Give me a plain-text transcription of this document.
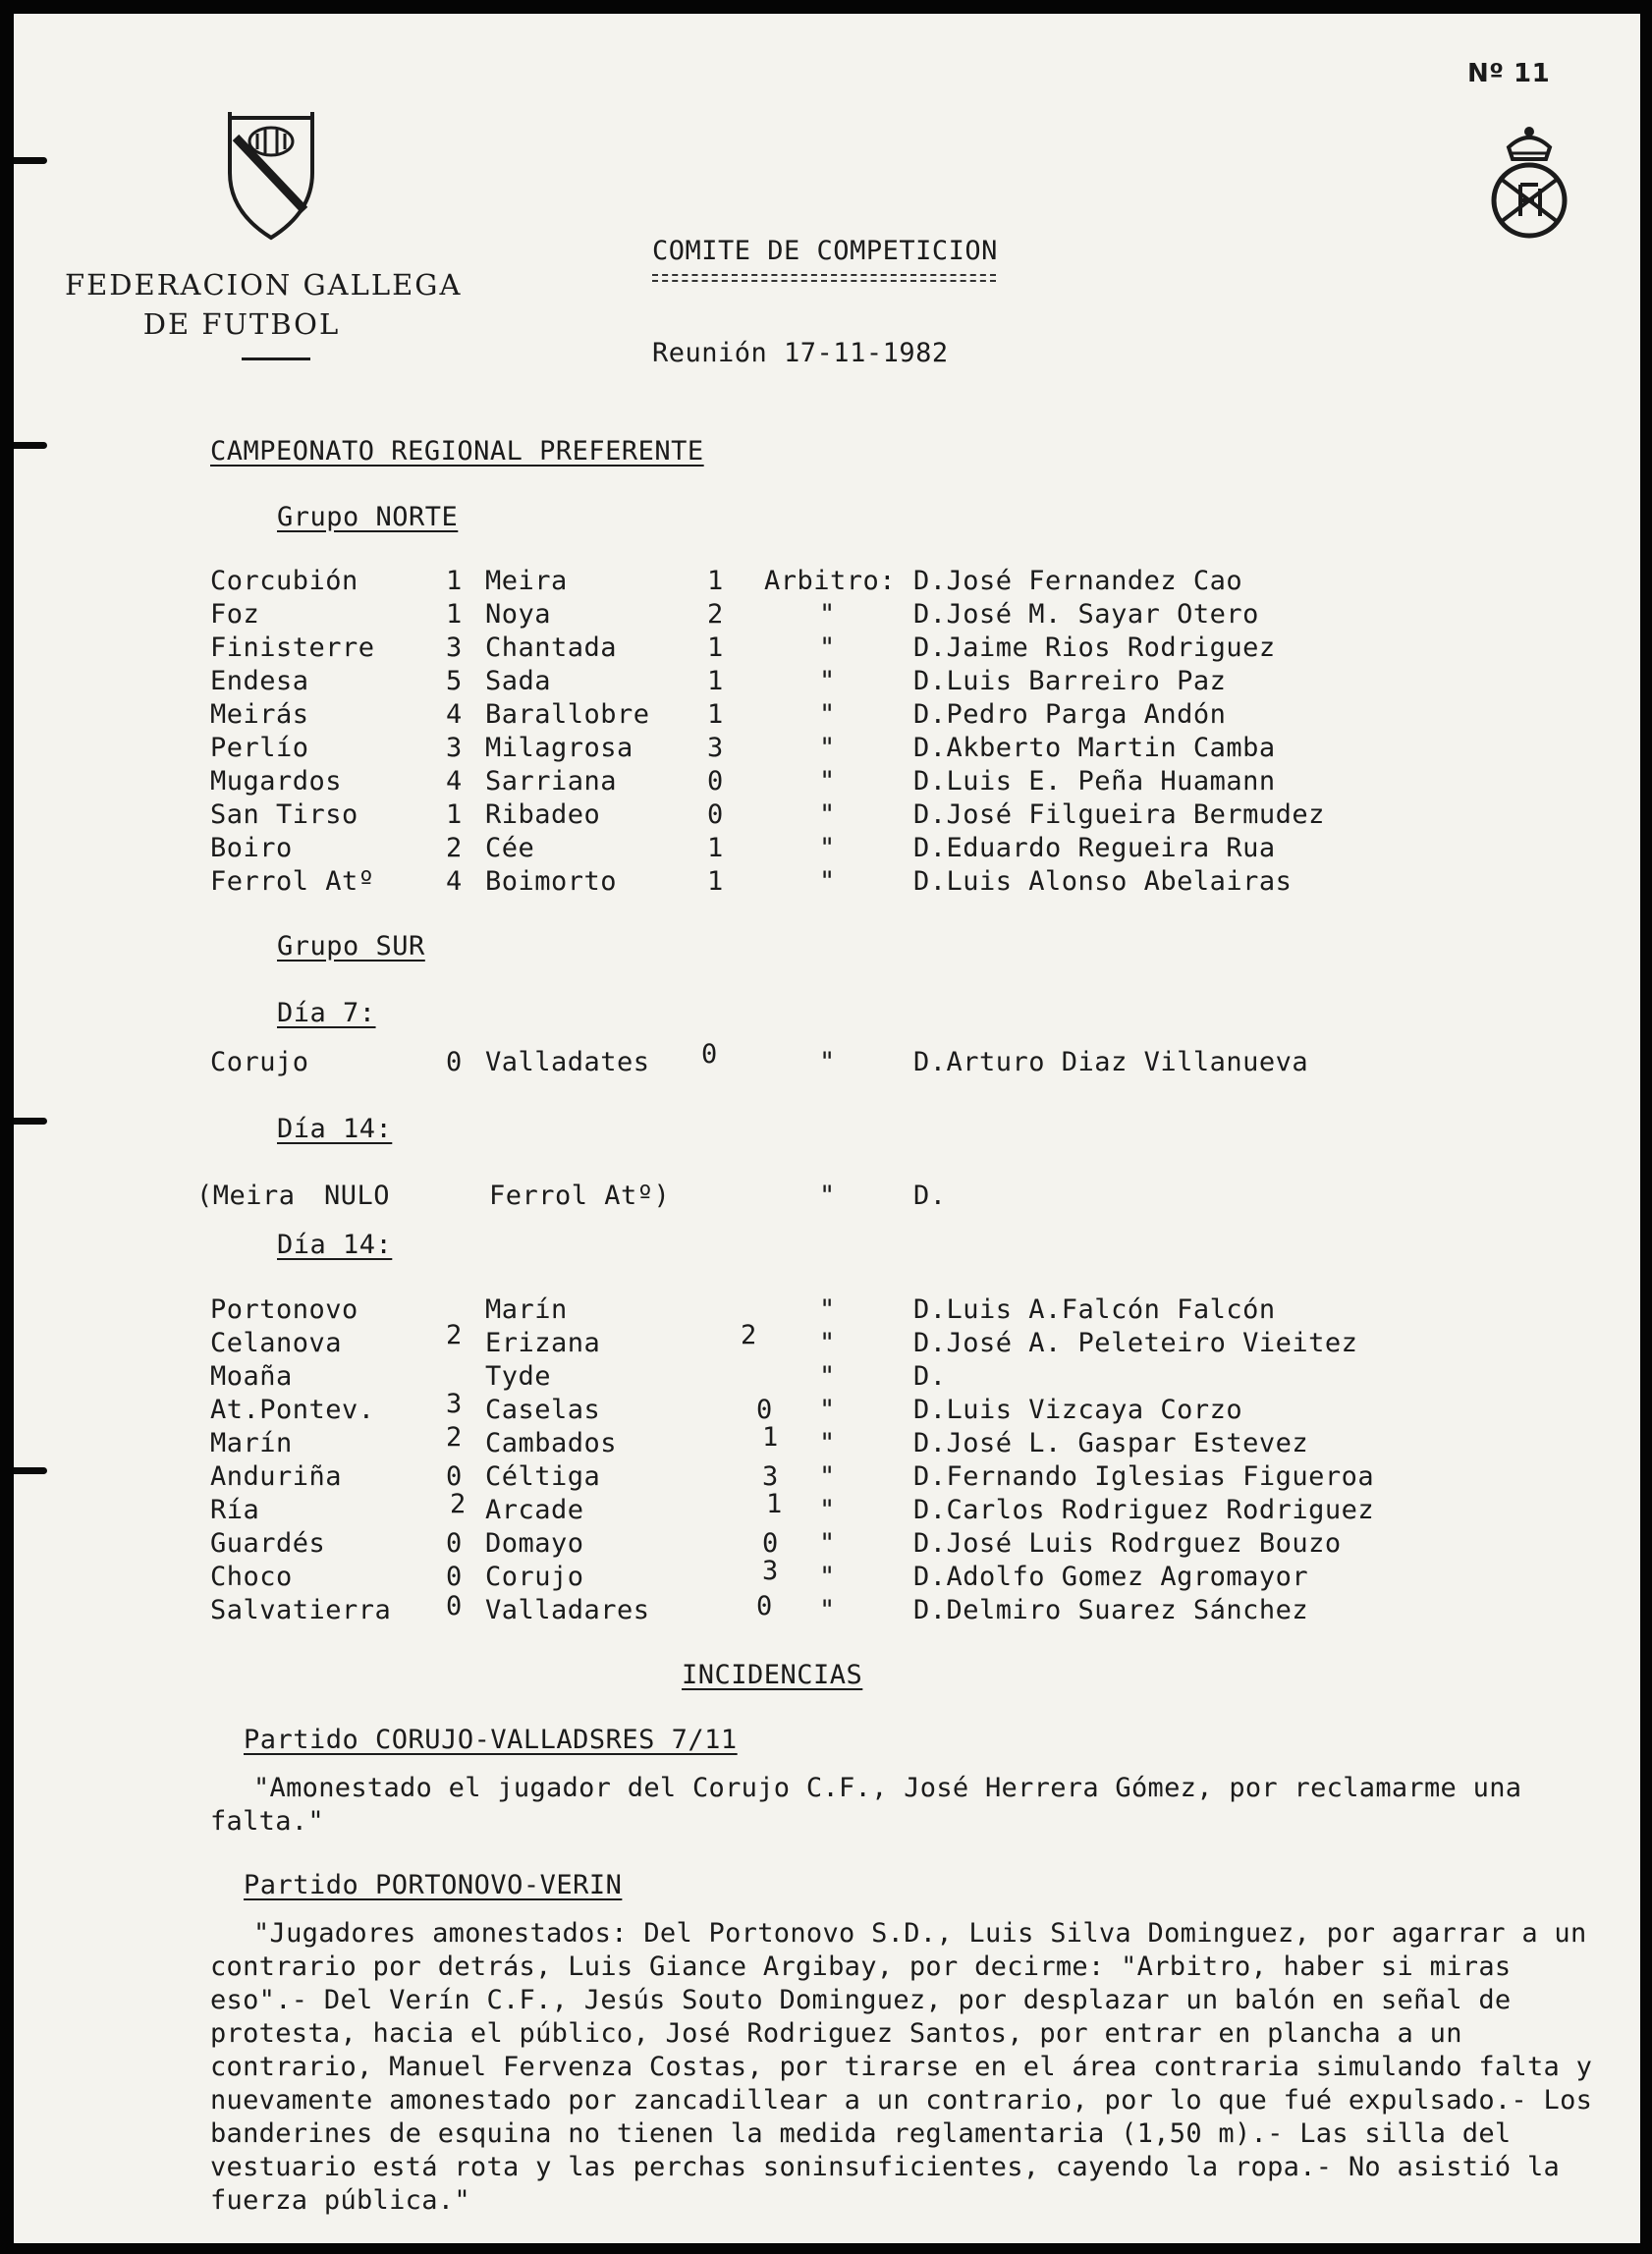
Nº 11
FEDERACION GALLEGA
DE FUTBOL
COMITE DE COMPETICION
Reunión 17-11-1982
CAMPEONATO REGIONAL PREFERENTE
Grupo NORTE
Corcubión	1 Meira	1 Arbitro: D.José Fernandez Cao
Foz	1 Noya	2	"	D.José M. Sayar Otero
Finisterre	3 Chantada	1	"	D.Jaime Rios Rodriguez
Endesa	5 Sada	1	"	D.Luis Barreiro Paz
Meirás	4 Barallobre 1	"	D.Pedro Parga Andón
Perlío	3 Milagrosa	3	"	D.Akberto Martin Camba
Mugardos	4 Sarriana	0	"	D.Luis E. Peña Huamann
San Tirso	1 Ribadeo	0	"	D.José Filgueira Bermudez
Boiro	2 Cée	1	"	D.Eduardo Regueira Rua
Ferrol Atº	4 Boimorto	1	"	D.Luis Alonso Abelairas
Grupo SUR
Día 7:
Corujo	0 Valladates 0	"	D.Arturo Diaz Villanueva
Día 14:
(Meira NULO	Ferrol Atº)	"	D.
Día 14:
Portonovo	Marín	"	D.Luis A.Falcón Falcón
Celanova	2 Erizana	2 "	D.José A. Peleteiro Vieitez
Moaña	Tyde	"	D.
At.Pontev.	3 Caselas	0 "	D.Luis Vizcaya Corzo
Marín	2 Cambados	1 "	D.José L. Gaspar Estevez
Anduriña	0 Céltiga	3 "	D.Fernando Iglesias Figueroa
Ría	2 Arcade	1 "	D.Carlos Rodriguez Rodriguez
Guardés	0 Domayo	0 "	D.José Luis Rodrguez Bouzo
Choco	0 Corujo	3 "	D.Adolfo Gomez Agromayor
Salvatierra 0 Valladares	0 "	D.Delmiro Suarez Sánchez
INCIDENCIAS
Partido CORUJO-VALLADSRES 7/11

"Amonestado el jugador del Corujo C.F., José Herrera Gómez, por reclamarme una falta."

Partido PORTONOVO-VERIN

"Jugadores amonestados: Del Portonovo S.D., Luis Silva Dominguez, por agarrar a un contrario por detrás, Luis Giance Argibay, por decirme: "Arbitro, haber si miras eso".- Del Verín C.F., Jesús Souto Dominguez, por desplazar un balón en señal de protesta, hacia el público, José Rodriguez Santos, por entrar en plancha a un contrario, Manuel Fervenza Costas, por tirarse en el área contraria simulando falta y nuevamente amonestado por zancadillear a un contrario, por lo que fué expulsado.- Los banderines de esquina no tienen la medida reglamentaria (1,50 m).- Las silla del vestuario está rota y las perchas soninsuficientes, cayendo la ropa.- No asistió la fuerza pública."
